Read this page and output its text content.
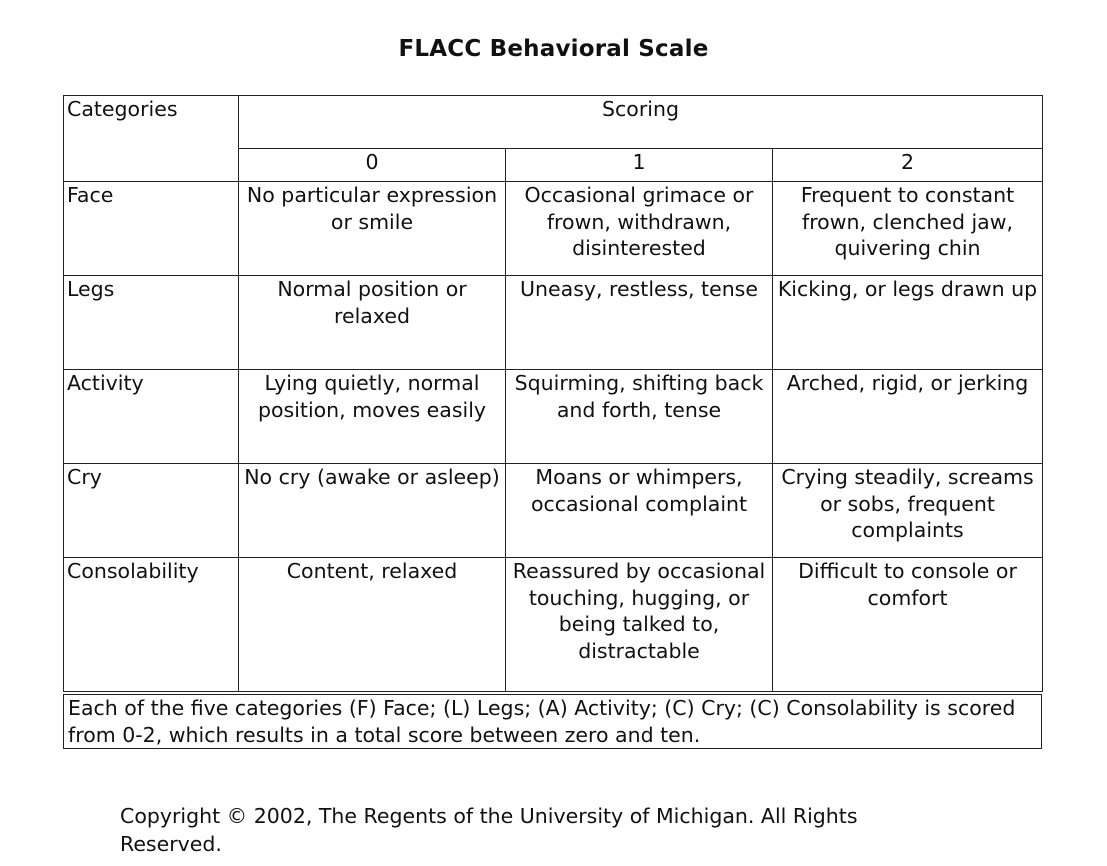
FLACC Behavioral Scale
Categories	Scoring		
	0	1	2
Face	No particular expression or smile	Occasional grimace or frown, withdrawn, disinterested	Frequent to constant frown, clenched jaw, quivering chin
Legs	Normal position or relaxed	Uneasy, restless, tense	Kicking, or legs drawn up
Activity	Lying quietly, normal position, moves easily	Squirming, shifting back and forth, tense	Arched, rigid, or jerking
Cry	No cry (awake or asleep)	Moans or whimpers, occasional complaint	Crying steadily, screams or sobs, frequent complaints
Consolability	Content, relaxed	Reassured by occasional touching, hugging, or being talked to, distractable	Difficult to console or comfort
Each of the five categories (F) Face; (L) Legs; (A) Activity; (C) Cry; (C) Consolability is scored from 0-2, which results in a total score between zero and ten.
Copyright © 2002, The Regents of the University of Michigan. All Rights Reserved.
